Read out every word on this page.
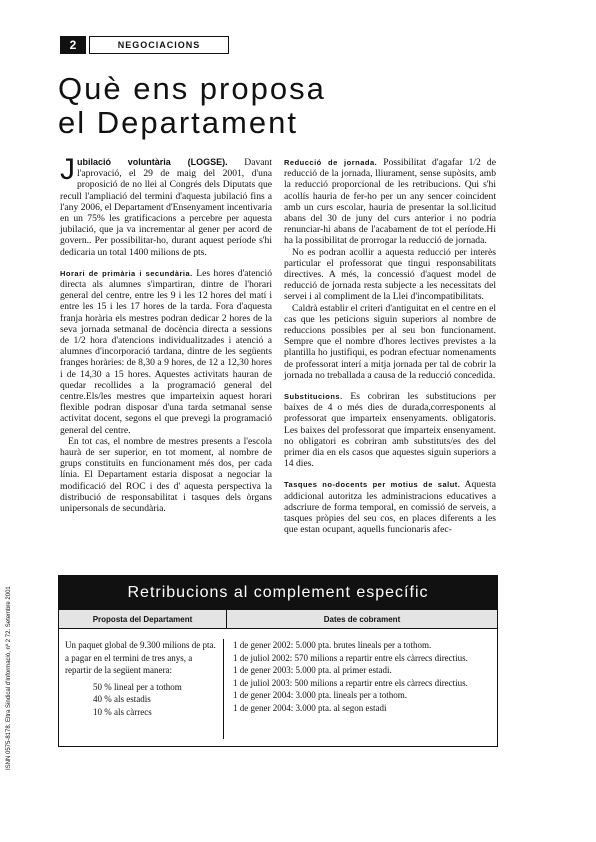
2	NEGOCIACIONS
Què ens proposa
el Departament
ISNN 0575-8178. Eltra Sindical d'Informació, nº 2 72. Setembre 2001

Jubilació voluntària (LOGSE). Davant l'aprovació, el 29 de maig del 2001, d'una proposició de no llei al Congrés dels Diputats que recull l'ampliació del termini d'aquesta jubilació fins a l'any 2006, el Departament d'Ensenyament incentivaria en un 75% les gratificacions a percebre per aquesta jubilació, que ja va incrementar al gener per acord de govern.. Per possibilitar-ho, durant aquest període s'hi dedicaria un total 1400 milions de pts.

Horari de primària i secundària. Les hores d'atenció directa als alumnes s'impartiran, dintre de l'horari general del centre, entre les 9 i les 12 hores del matí i entre les 15 i les 17 hores de la tarda. Fora d'aquesta franja horària els mestres podran dedicar 2 hores de la seva jornada setmanal de docència directa a sessions de 1/2 hora d'atencions individualitzades i atenció a alumnes d'incorporació tardana, dintre de les següents franges horàries: de 8,30 a 9 hores, de 12 a 12,30 hores i de 14,30 a 15 hores. Aquestes activitats hauran de quedar recollides a la programació general del centre.Els/les mestres que imparteixin aquest horari flexible podran disposar d'una tarda setmanal sense activitat docent, segons el que prevegi la programació general del centre.

En tot cas, el nombre de mestres presents a l'escola haurà de ser superior, en tot moment, al nombre de grups constituïts en funcionament més dos, per cada línia. El Departament estaria disposat a negociar la modificació del ROC i des d' aquesta perspectiva la distribució de responsabilitat i tasques dels òrgans unipersonals de secundària.

Reducció de jornada. Possibilitat d'agafar 1/2 de reducció de la jornada, lliurament, sense supòsits, amb la reducció proporcional de les retribucions. Qui s'hi acollís hauria de fer-ho per un any sencer coincident amb un curs escolar, hauria de presentar la sol.licitud abans del 30 de juny del curs anterior i no podria renunciar-hi abans de l'acabament de tot el període.Hi ha la possibilitat de prorrogar la reducció de jornada.

No es podran acollir a aquesta reducció per interès particular el professorat que tingui responsabilitats directives. A més, la concessió d'aquest model de reducció de jornada resta subjecte a les necessitats del servei i al compliment de la Llei d'incompatibilitats.

Caldrà establir el criteri d'antiguitat en el centre en el cas que les peticions siguin superiors al nombre de reduccions possibles per al seu bon funcionament. Sempre que el nombre d'hores lectives previstes a la plantilla ho justifiqui, es podran efectuar nomenaments de professorat interí a mitja jornada per tal de cobrir la jornada no treballada a causa de la reducció concedida.

Substitucions. Es cobriran les substitucions per baixes de 4 o més dies de durada,corresponents al professorat que imparteix ensenyaments. obligatoris. Les baixes del professorat que imparteix ensenyament. no obligatori es cobriran amb substituts/es des del primer dia en els casos que aquestes siguin superiors a 14 dies.

Tasques no-docents per motius de salut. Aquesta addicional autoritza les administracions educatives a adscriure de forma temporal, en comissió de serveis, a tasques pròpies del seu cos, en places diferents a les que estan ocupant, aquells funcionaris afec-

Retribucions al complement específic
Proposta del Departament	Dates de cobrament
Un paquet global de 9.300 milions de pta. a pagar en el termini de tres anys, a repartir de la següent manera:
50 % lineal per a tothom
40 % als estadis
10 % als càrrecs
1 de gener 2002: 5.000 pta. brutes lineals per a tothom.
1 de juliol 2002: 570 milions a repartir entre els càrrecs directius.
1 de gener 2003: 5.000 pta. al primer estadi.
1 de juliol 2003: 500 milions a repartir entre els càrrecs directius.
1 de gener 2004: 3.000 pta. lineals per a tothom.
1 de gener 2004: 3.000 pta. al segon estadi
